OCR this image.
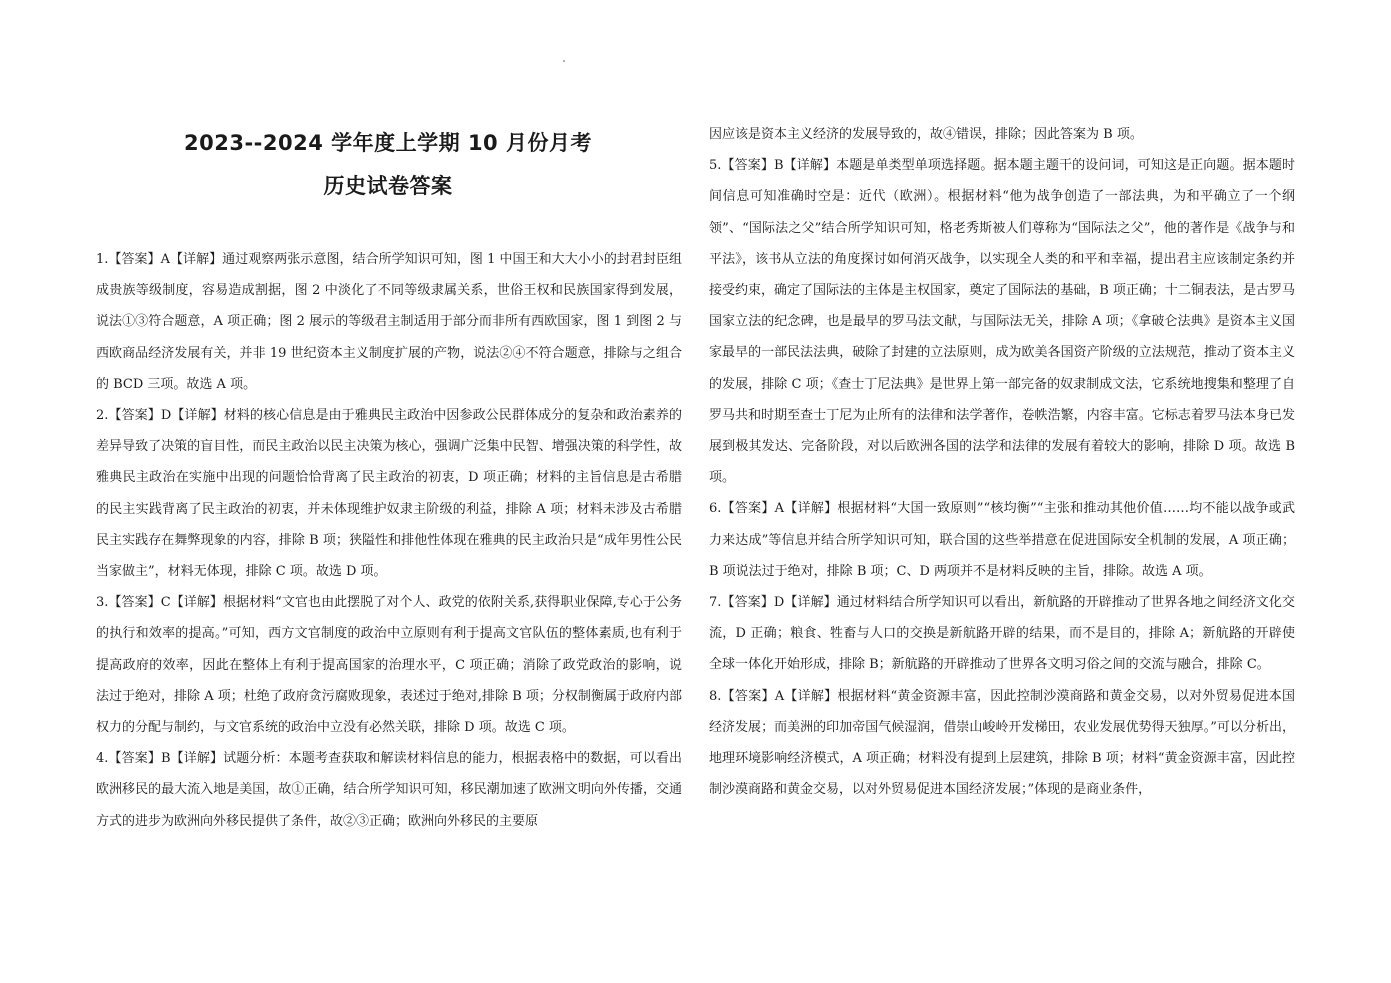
2023--2024 学年度上学期 10 月份月考
历史试卷答案

1.【答案】A【详解】通过观察两张示意图，结合所学知识可知，图 1 中国王和大大小小的封君封臣组成贵族等级制度，容易造成割据，图 2 中淡化了不同等级隶属关系，世俗王权和民族国家得到发展，说法①③符合题意，A 项正确；图 2 展示的等级君主制适用于部分而非所有西欧国家，图 1 到图 2 与西欧商品经济发展有关，并非 19 世纪资本主义制度扩展的产物，说法②④不符合题意，排除与之组合的 BCD 三项。故选 A 项。

2.【答案】D【详解】材料的核心信息是由于雅典民主政治中因参政公民群体成分的复杂和政治素养的差异导致了决策的盲目性，而民主政治以民主决策为核心，强调广泛集中民智、增强决策的科学性，故雅典民主政治在实施中出现的问题恰恰背离了民主政治的初衷，D 项正确；材料的主旨信息是古希腊的民主实践背离了民主政治的初衷，并未体现维护奴隶主阶级的利益，排除 A 项；材料未涉及古希腊民主实践存在舞弊现象的内容，排除 B 项；狭隘性和排他性体现在雅典的民主政治只是“成年男性公民当家做主”，材料无体现，排除 C 项。故选 D 项。

3.【答案】C【详解】根据材料“文官也由此摆脱了对个人、政党的依附关系,获得职业保障,专心于公务的执行和效率的提高。”可知，西方文官制度的政治中立原则有利于提高文官队伍的整体素质,也有利于提高政府的效率，因此在整体上有利于提高国家的治理水平，C 项正确；消除了政党政治的影响，说法过于绝对，排除 A 项；杜绝了政府贪污腐败现象，表述过于绝对,排除 B 项；分权制衡属于政府内部权力的分配与制约，与文官系统的政治中立没有必然关联，排除 D 项。故选 C 项。

4.【答案】B【详解】试题分析：本题考查获取和解读材料信息的能力，根据表格中的数据，可以看出欧洲移民的最大流入地是美国，故①正确，结合所学知识可知，移民潮加速了欧洲文明向外传播，交通方式的进步为欧洲向外移民提供了条件，故②③正确；欧洲向外移民的主要原

因应该是资本主义经济的发展导致的，故④错误，排除；因此答案为 B 项。

5.【答案】B【详解】本题是单类型单项选择题。据本题主题干的设问词，可知这是正向题。据本题时间信息可知准确时空是：近代（欧洲）。根据材料“他为战争创造了一部法典，为和平确立了一个纲领”、“国际法之父”结合所学知识可知，格老秀斯被人们尊称为“国际法之父”，他的著作是《战争与和平法》，该书从立法的角度探讨如何消灭战争，以实现全人类的和平和幸福，提出君主应该制定条约并接受约束，确定了国际法的主体是主权国家，奠定了国际法的基础，B 项正确；十二铜表法，是古罗马国家立法的纪念碑，也是最早的罗马法文献，与国际法无关，排除 A 项；《拿破仑法典》是资本主义国家最早的一部民法法典，破除了封建的立法原则，成为欧美各国资产阶级的立法规范，推动了资本主义的发展，排除 C 项；《查士丁尼法典》是世界上第一部完备的奴隶制成文法，它系统地搜集和整理了自罗马共和时期至查士丁尼为止所有的法律和法学著作，卷帙浩繁，内容丰富。它标志着罗马法本身已发展到极其发达、完备阶段，对以后欧洲各国的法学和法律的发展有着较大的影响，排除 D 项。故选 B 项。

6.【答案】A【详解】根据材料“大国一致原则”“核均衡”“主张和推动其他价值……均不能以战争或武力来达成”等信息并结合所学知识可知，联合国的这些举措意在促进国际安全机制的发展，A 项正确；B 项说法过于绝对，排除 B 项；C、D 两项并不是材料反映的主旨，排除。故选 A 项。

7.【答案】D【详解】通过材料结合所学知识可以看出，新航路的开辟推动了世界各地之间经济文化交流，D 正确；粮食、牲畜与人口的交换是新航路开辟的结果，而不是目的，排除 A；新航路的开辟使全球一体化开始形成，排除 B；新航路的开辟推动了世界各文明习俗之间的交流与融合，排除 C。

8.【答案】A【详解】根据材料“黄金资源丰富，因此控制沙漠商路和黄金交易，以对外贸易促进本国经济发展；而美洲的印加帝国气候湿润，借崇山峻岭开发梯田，农业发展优势得天独厚。”可以分析出，地理环境影响经济模式，A 项正确；材料没有提到上层建筑，排除 B 项；材料“黄金资源丰富，因此控制沙漠商路和黄金交易，以对外贸易促进本国经济发展；”体现的是商业条件，
